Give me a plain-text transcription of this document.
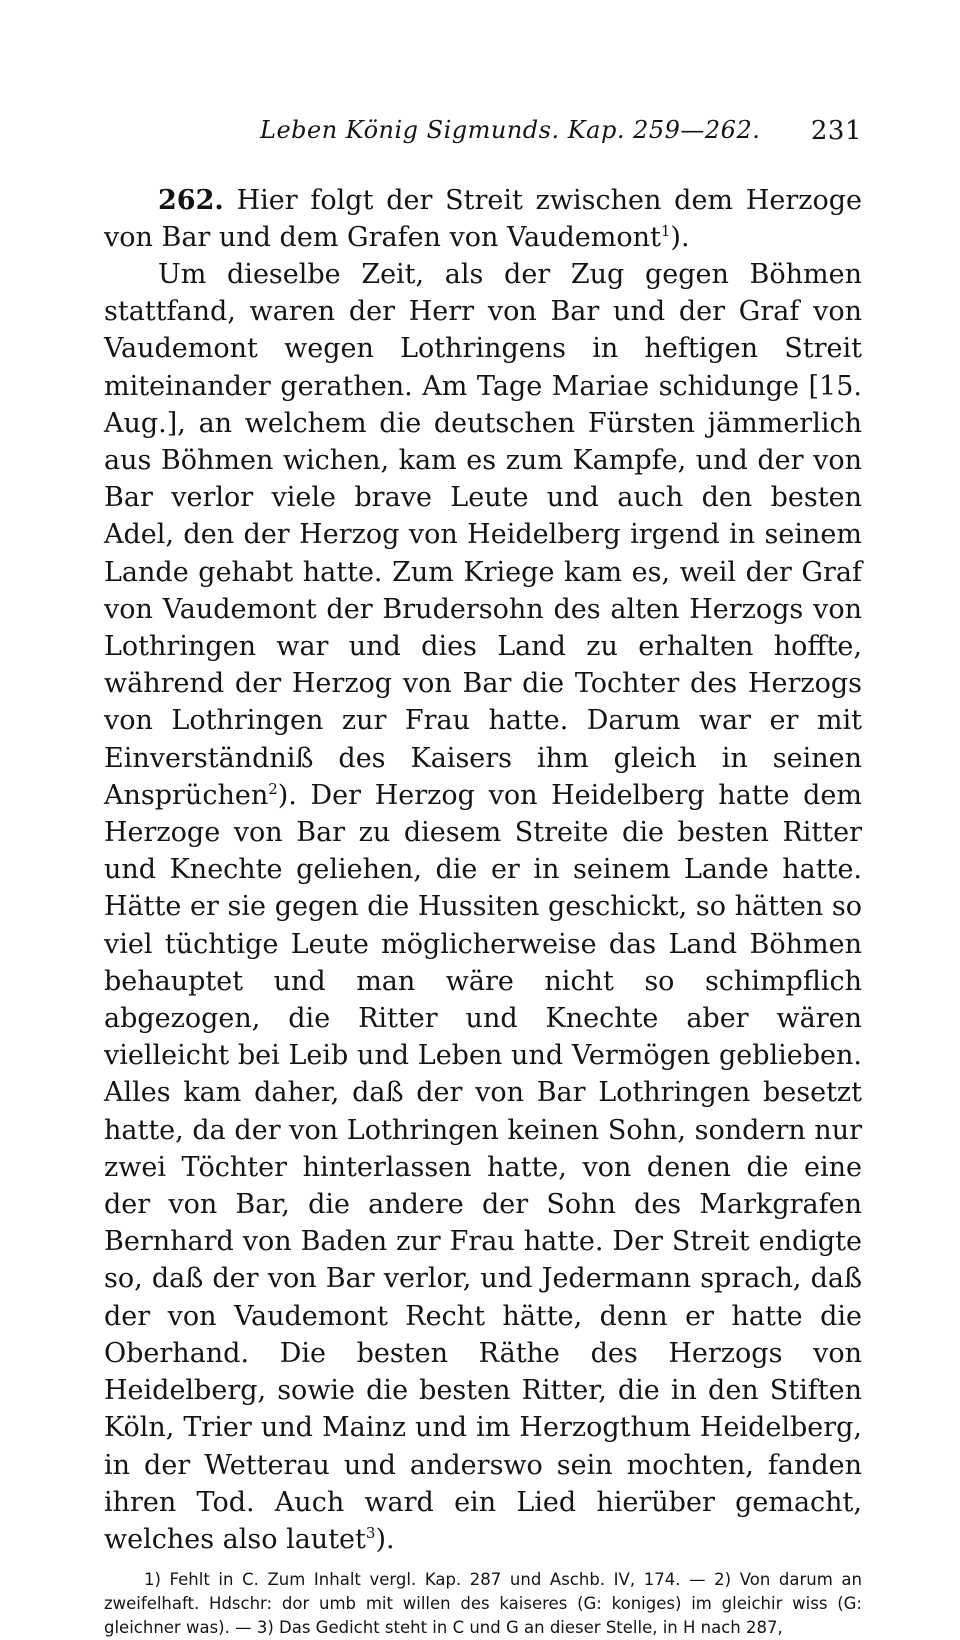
Leben König Sigmunds. Kap. 259—262. 231
262. Hier folgt der Streit zwischen dem Herzoge von Bar und dem Grafen von Vaudemont$^1$).

Um dieselbe Zeit, als der Zug gegen Böhmen stattfand, waren der Herr von Bar und der Graf von Vaudemont wegen Lothringens in heftigen Streit miteinander gerathen. Am Tage Mariae schidunge [15. Aug.], an welchem die deutschen Fürsten jämmerlich aus Böhmen wichen, kam es zum Kampfe, und der von Bar verlor viele brave Leute und auch den besten Adel, den der Herzog von Heidelberg irgend in seinem Lande gehabt hatte. Zum Kriege kam es, weil der Graf von Vaudemont der Brudersohn des alten Herzogs von Lothringen war und dies Land zu erhalten hoffte, während der Herzog von Bar die Tochter des Herzogs von Lothringen zur Frau hatte. Darum war er mit Einverständniß des Kaisers ihm gleich in seinen Ansprüchen$^2$). Der Herzog von Heidelberg hatte dem Herzoge von Bar zu diesem Streite die besten Ritter und Knechte geliehen, die er in seinem Lande hatte. Hätte er sie gegen die Hussiten geschickt, so hätten so viel tüchtige Leute möglicherweise das Land Böhmen behauptet und man wäre nicht so schimpflich abgezogen, die Ritter und Knechte aber wären vielleicht bei Leib und Leben und Vermögen geblieben. Alles kam daher, daß der von Bar Lothringen besetzt hatte, da der von Lothringen keinen Sohn, sondern nur zwei Töchter hinterlassen hatte, von denen die eine der von Bar, die andere der Sohn des Markgrafen Bernhard von Baden zur Frau hatte. Der Streit endigte so, daß der von Bar verlor, und Jedermann sprach, daß der von Vaudemont Recht hätte, denn er hatte die Oberhand. Die besten Räthe des Herzogs von Heidelberg, sowie die besten Ritter, die in den Stiften Köln, Trier und Mainz und im Herzogthum Heidelberg, in der Wetterau und anderswo sein mochten, fanden ihren Tod. Auch ward ein Lied hierüber gemacht, welches also lautet$^3$).

1) Fehlt in C. Zum Inhalt vergl. Kap. 287 und Aschb. IV, 174. — 2) Von darum an zweifelhaft. Hdschr: dor umb mit willen des kaiseres (G: koniges) im gleichir wiss (G: gleichner was). — 3) Das Gedicht steht in C und G an dieser Stelle, in H nach 287,
